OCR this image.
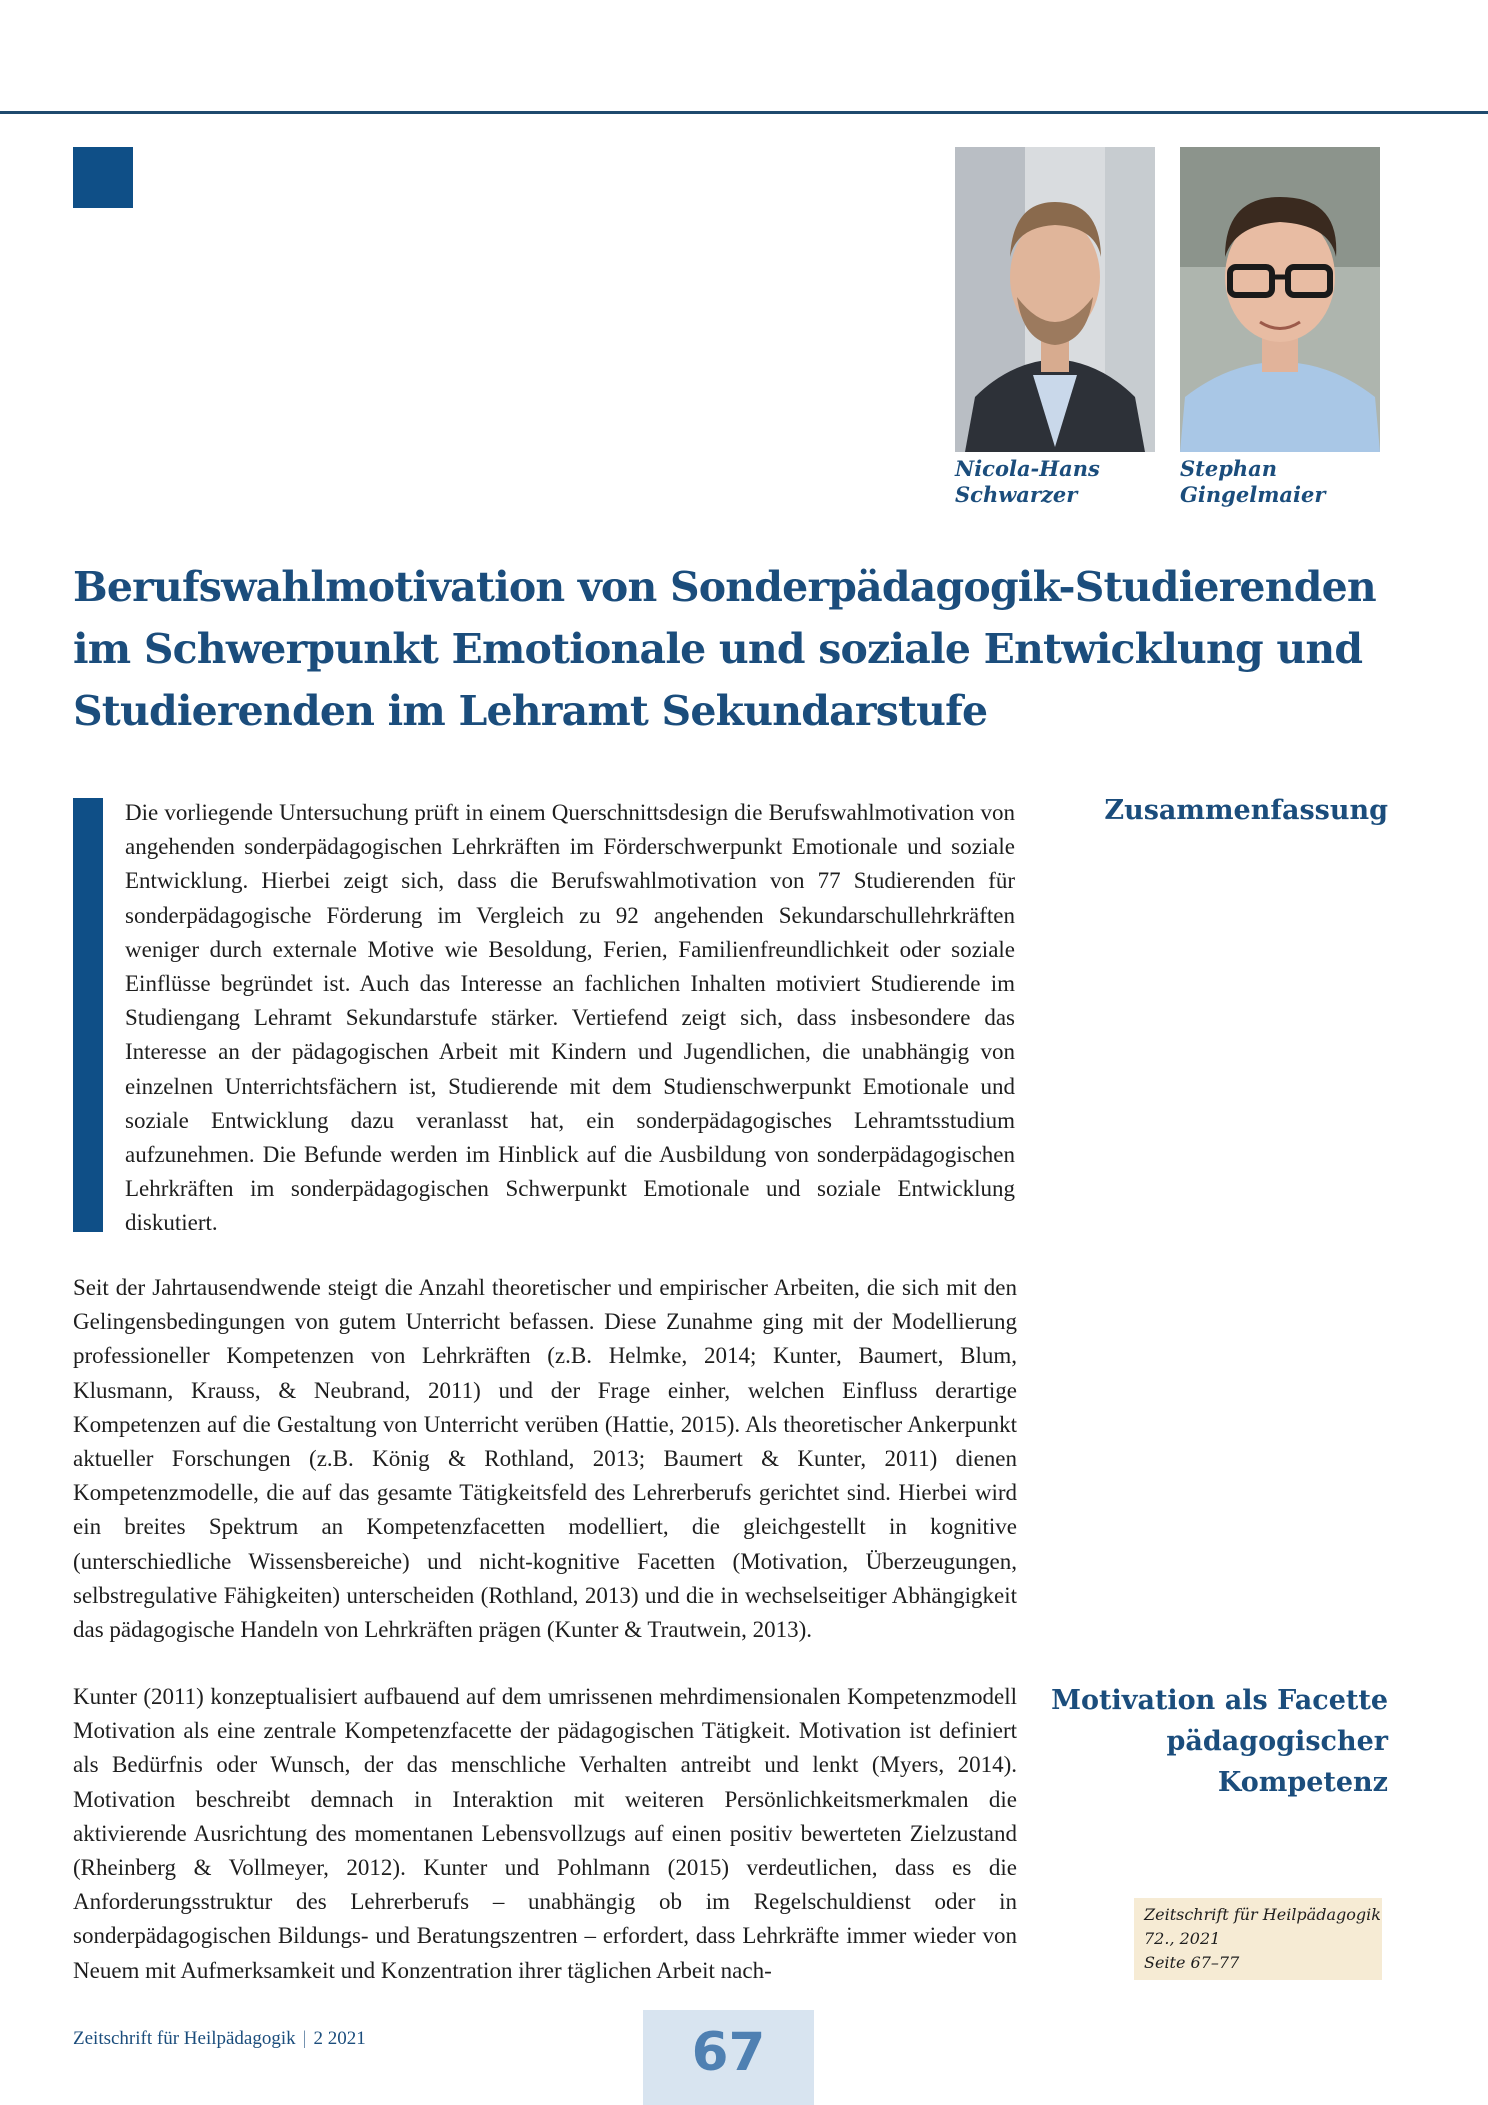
Nicola-Hans
Schwarzer
Stephan
Gingelmaier
Berufswahlmotivation von Sonderpädagogik-Studierenden
im Schwerpunkt Emotionale und soziale Entwicklung und
Studierenden im Lehramt Sekundarstufe

Die vorliegende Untersuchung prüft in einem Querschnittsdesign die Berufswahlmotivation von angehenden sonderpädagogischen Lehrkräften im Förderschwerpunkt Emotionale und soziale Entwicklung. Hierbei zeigt sich, dass die Berufswahlmotivation von 77 Studierenden für sonderpädagogische Förderung im Vergleich zu 92 angehenden Sekundarschullehrkräften weniger durch externale Motive wie Besoldung, Ferien, Familienfreundlichkeit oder soziale Einflüsse begründet ist. Auch das Interesse an fachlichen Inhalten motiviert Studierende im Studiengang Lehramt Sekundarstufe stärker. Vertiefend zeigt sich, dass insbesondere das Interesse an der pädagogischen Arbeit mit Kindern und Jugendlichen, die unabhängig von einzelnen Unterrichtsfächern ist, Studierende mit dem Studienschwerpunkt Emotionale und soziale Entwicklung dazu veranlasst hat, ein sonderpädagogisches Lehramtsstudium aufzunehmen. Die Befunde werden im Hinblick auf die Ausbildung von sonderpädagogischen Lehrkräften im sonderpädagogischen Schwerpunkt Emotionale und soziale Entwicklung diskutiert.

Zusammenfassung

Seit der Jahrtausendwende steigt die Anzahl theoretischer und empirischer Arbeiten, die sich mit den Gelingensbedingungen von gutem Unterricht befassen. Diese Zunahme ging mit der Modellierung professioneller Kompetenzen von Lehrkräften (z.B. Helmke, 2014; Kunter, Baumert, Blum, Klusmann, Krauss, & Neubrand, 2011) und der Frage einher, welchen Einfluss derartige Kompetenzen auf die Gestaltung von Unterricht verüben (Hattie, 2015). Als theoretischer Ankerpunkt aktueller Forschungen (z.B. König & Rothland, 2013; Baumert & Kunter, 2011) dienen Kompetenzmodelle, die auf das gesamte Tätigkeitsfeld des Lehrerberufs gerichtet sind. Hierbei wird ein breites Spektrum an Kompetenzfacetten modelliert, die gleichgestellt in kognitive (unterschiedliche Wissensbereiche) und nicht-kognitive Facetten (Motivation, Überzeugungen, selbstregulative Fähigkeiten) unterscheiden (Rothland, 2013) und die in wechselseitiger Abhängigkeit das pädagogische Handeln von Lehrkräften prägen (Kunter & Trautwein, 2013).

Motivation als Facette
pädagogischer
Kompetenz

Kunter (2011) konzeptualisiert aufbauend auf dem umrissenen mehrdimensionalen Kompetenzmodell Motivation als eine zentrale Kompetenzfacette der pädagogischen Tätigkeit. Motivation ist definiert als Bedürfnis oder Wunsch, der das menschliche Verhalten antreibt und lenkt (Myers, 2014). Motivation beschreibt demnach in Interaktion mit weiteren Persönlichkeitsmerkmalen die aktivierende Ausrichtung des momentanen Lebensvollzugs auf einen positiv bewerteten Zielzustand (Rheinberg & Vollmeyer, 2012). Kunter und Pohlmann (2015) verdeutlichen, dass es die Anforderungsstruktur des Lehrerberufs – unabhängig ob im Regelschuldienst oder in sonderpädagogischen Bildungs- und Beratungszentren – erfordert, dass Lehrkräfte immer wieder von Neuem mit Aufmerksamkeit und Konzentration ihrer täglichen Arbeit nach-

Zeitschrift für Heilpädagogik
72., 2021
Seite 67–77
Zeitschrift für Heilpädagogik | 2 2021	67
